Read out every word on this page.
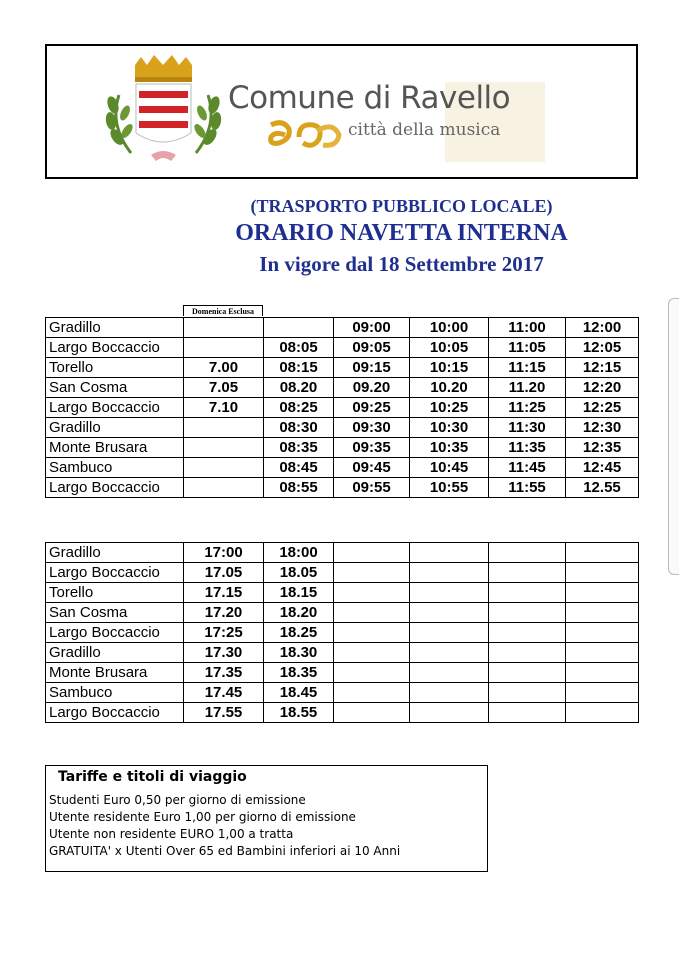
Comune di Ravello
città della musica
(TRASPORTO PUBBLICO LOCALE)
ORARIO NAVETTA INTERNA
In vigore dal 18 Settembre 2017
Domenica Esclusa
Gradillo			09:00	10:00	11:00	12:00
Largo Boccaccio		08:05	09:05	10:05	11:05	12:05
Torello	7.00	08:15	09:15	10:15	11:15	12:15
San Cosma	7.05	08.20	09.20	10.20	11.20	12:20
Largo Boccaccio	7.10	08:25	09:25	10:25	11:25	12:25
Gradillo		08:30	09:30	10:30	11:30	12:30
Monte Brusara		08:35	09:35	10:35	11:35	12:35
Sambuco		08:45	09:45	10:45	11:45	12:45
Largo Boccaccio		08:55	09:55	10:55	11:55	12.55
Gradillo	17:00	18:00				
Largo Boccaccio	17.05	18.05				
Torello	17.15	18.15				
San Cosma	17.20	18.20				
Largo Boccaccio	17:25	18.25				
Gradillo	17.30	18.30				
Monte Brusara	17.35	18.35				
Sambuco	17.45	18.45				
Largo Boccaccio	17.55	18.55				
Tariffe e titoli di viaggio
Studenti Euro 0,50 per giorno di emissione
Utente residente Euro 1,00 per giorno di emissione
Utente non residente EURO 1,00 a tratta
GRATUITA' x Utenti Over 65 ed Bambini inferiori ai 10 Anni
